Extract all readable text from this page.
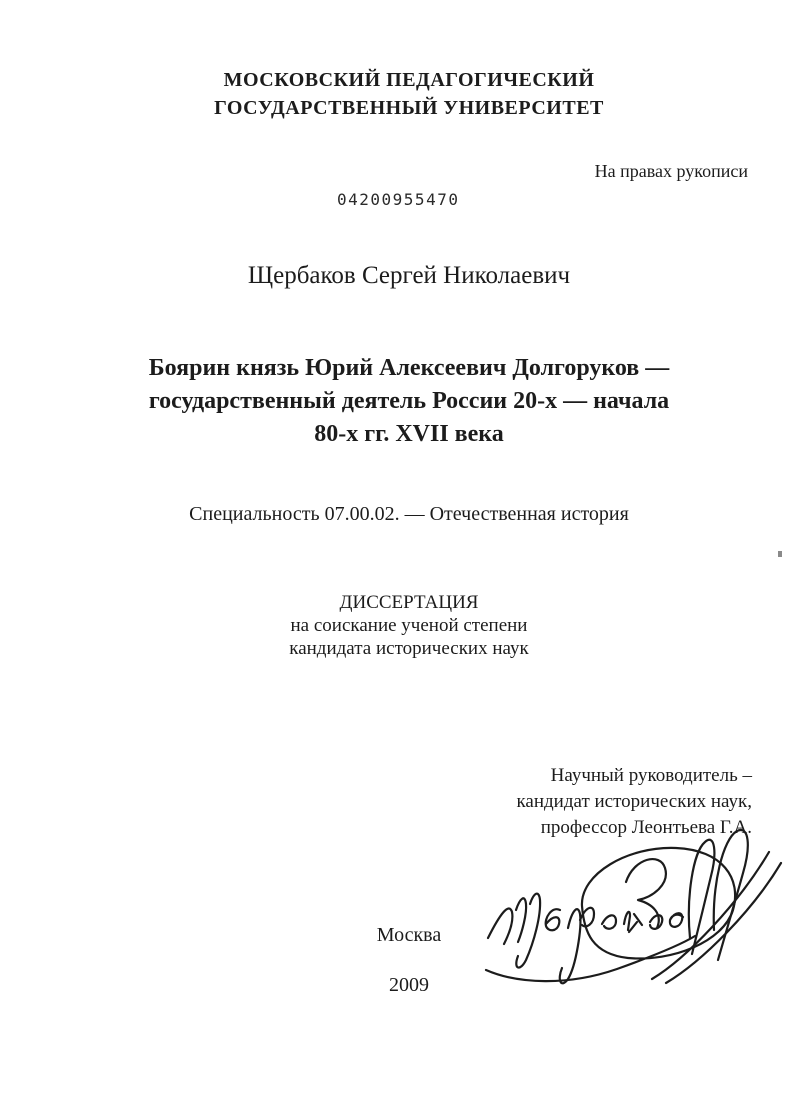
МОСКОВСКИЙ ПЕДАГОГИЧЕСКИЙ
ГОСУДАРСТВЕННЫЙ УНИВЕРСИТЕТ
На правах рукописи
04200955470
Щербаков Сергей Николаевич
Боярин князь Юрий Алексеевич Долгоруков —
государственный деятель России 20-х — начала
80-х гг. XVII века
Специальность 07.00.02. — Отечественная история
ДИССЕРТАЦИЯ
на соискание ученой степени
кандидата исторических наук
Научный руководитель –
кандидат исторических наук,
профессор Леонтьева Г.А.
Москва
2009
